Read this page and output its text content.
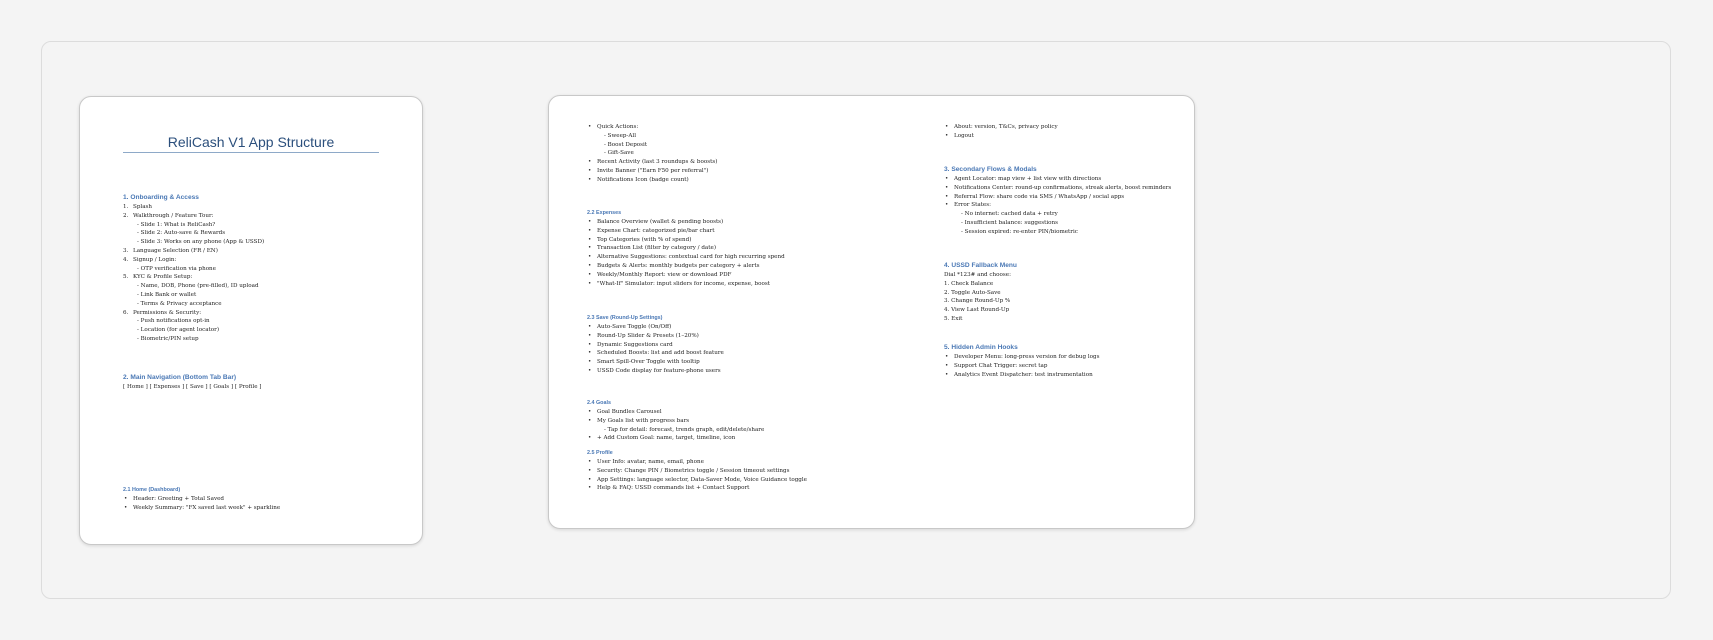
ReliCash V1 App Structure
1. Onboarding & Access
1. Splash
2. Walkthrough / Feature Tour:
- Slide 1: What is ReliCash?
- Slide 2: Auto-save & Rewards
- Slide 3: Works on any phone (App & USSD)
3. Language Selection (FR / EN)
4. Signup / Login:
- OTP verification via phone
5. KYC & Profile Setup:
- Name, DOB, Phone (pre-filled), ID upload
- Link Bank or wallet
- Terms & Privacy acceptance
6. Permissions & Security:
- Push notifications opt-in
- Location (for agent locator)
- Biometric/PIN setup
2. Main Navigation (Bottom Tab Bar)
[ Home ] [ Expenses ] [ Save ] [ Goals ] [ Profile ]
2.1 Home (Dashboard)
• Header: Greeting + Total Saved
• Weekly Summary: "FX saved last week" + sparkline
• Quick Actions:
- Sweep-All
- Boost Deposit
- Gift-Save
• Recent Activity (last 3 roundups & boosts)
• Invite Banner ("Earn F50 per referral")
• Notifications Icon (badge count)
2.2 Expenses
• Balance Overview (wallet & pending boosts)
• Expense Chart: categorized pie/bar chart
• Top Categories (with % of spend)
• Transaction List (filter by category / date)
• Alternative Suggestions: contextual card for high recurring spend
• Budgets & Alerts: monthly budgets per category + alerts
• Weekly/Monthly Report: view or download PDF
• "What-If" Simulator: input sliders for income, expense, boost
2.3 Save (Round-Up Settings)
• Auto-Save Toggle (On/Off)
• Round-Up Slider & Presets (1–20%)
• Dynamic Suggestions card
• Scheduled Boosts: list and add boost feature
• Smart Spill-Over Toggle with tooltip
• USSD Code display for feature-phone users
2.4 Goals
• Goal Bundles Carousel
• My Goals list with progress bars
- Tap for detail: forecast, trends graph, edit/delete/share
• + Add Custom Goal: name, target, timeline, icon
2.5 Profile
• User Info: avatar, name, email, phone
• Security: Change PIN / Biometrics toggle / Session timeout settings
• App Settings: language selector, Data-Saver Mode, Voice Guidance toggle
• Help & FAQ: USSD commands list + Contact Support
• About: version, T&Cs, privacy policy
• Logout
3. Secondary Flows & Modals
• Agent Locator: map view + list view with directions
• Notifications Center: round-up confirmations, streak alerts, boost reminders
• Referral Flow: share code via SMS / WhatsApp / social apps
• Error States:
- No internet: cached data + retry
- Insufficient balance: suggestions
- Session expired: re-enter PIN/biometric
4. USSD Fallback Menu
Dial *123# and choose:
1. Check Balance
2. Toggle Auto-Save
3. Change Round-Up %
4. View Last Round-Up
5. Exit
5. Hidden Admin Hooks
• Developer Menu: long-press version for debug logs
• Support Chat Trigger: secret tap
• Analytics Event Dispatcher: test instrumentation
